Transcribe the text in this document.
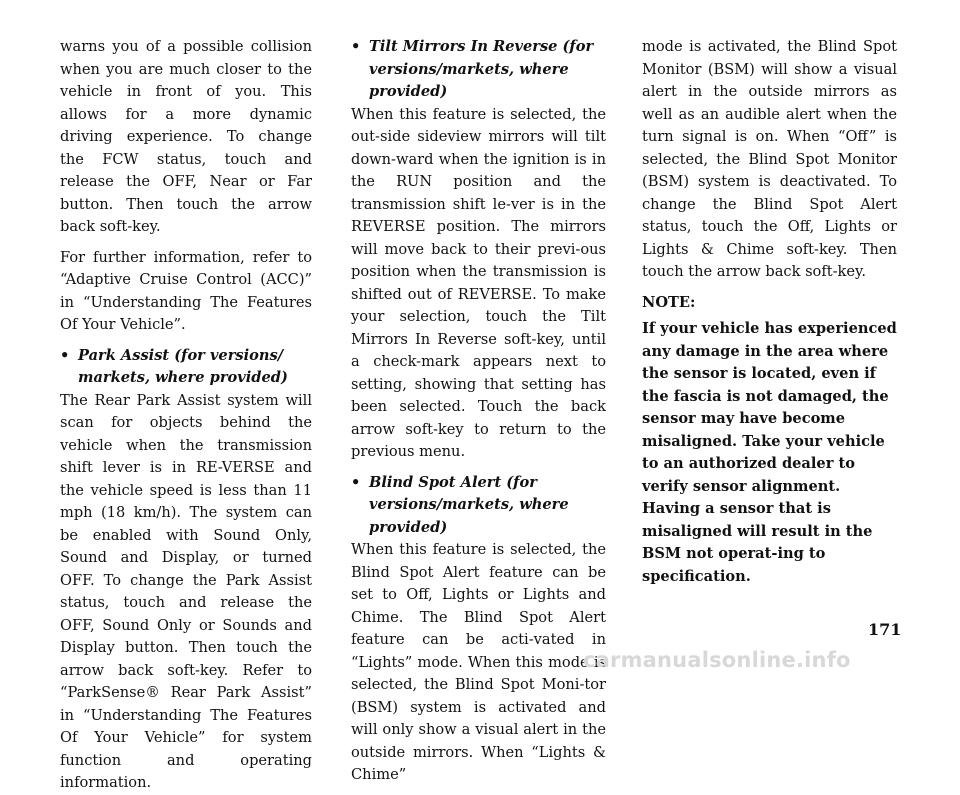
warns you of a possible collision when you are much closer to the vehicle in front of you. This allows for a more dynamic driving experience. To change the FCW status, touch and release the OFF, Near or Far button. Then touch the arrow back soft-key.

For further information, refer to “Adaptive Cruise Control (ACC)” in “Understanding The Features Of Your Vehicle”.

• Park Assist (for versions/
markets, where provided)

The Rear Park Assist system will scan for objects behind the vehicle when the transmission shift lever is in RE-VERSE and the vehicle speed is less than 11 mph (18 km/h). The system can be enabled with Sound Only, Sound and Display, or turned OFF. To change the Park Assist status, touch and release the OFF, Sound Only or Sounds and Display button. Then touch the arrow back soft-key. Refer to “ParkSense® Rear Park Assist” in “Understanding The Features Of Your Vehicle” for system function and operating information.

• Tilt Mirrors In Reverse (for
versions/markets, where
provided)

When this feature is selected, the out-side sideview mirrors will tilt down-ward when the ignition is in the RUN position and the transmission shift le-ver is in the REVERSE position. The mirrors will move back to their previ-ous position when the transmission is shifted out of REVERSE. To make your selection, touch the Tilt Mirrors In Reverse soft-key, until a check-mark appears next to setting, showing that setting has been selected. Touch the back arrow soft-key to return to the previous menu.

• Blind Spot Alert (for
versions/markets, where
provided)

When this feature is selected, the Blind Spot Alert feature can be set to Off, Lights or Lights and Chime. The Blind Spot Alert feature can be acti-vated in “Lights” mode. When this mode is selected, the Blind Spot Moni-tor (BSM) system is activated and will only show a visual alert in the outside mirrors. When “Lights & Chime”

mode is activated, the Blind Spot Monitor (BSM) will show a visual alert in the outside mirrors as well as an audible alert when the turn signal is on. When “Off” is selected, the Blind Spot Monitor (BSM) system is deactivated. To change the Blind Spot Alert status, touch the Off, Lights or Lights & Chime soft-key. Then touch the arrow back soft-key.

NOTE:
If your vehicle has experienced any damage in the area where the sensor is located, even if the fascia is not damaged, the sensor may have become misaligned. Take your vehicle to an authorized dealer to verify sensor alignment. Having a sensor that is misaligned will result in the BSM not operat-ing to specification.
171
carmanualsonline.info
